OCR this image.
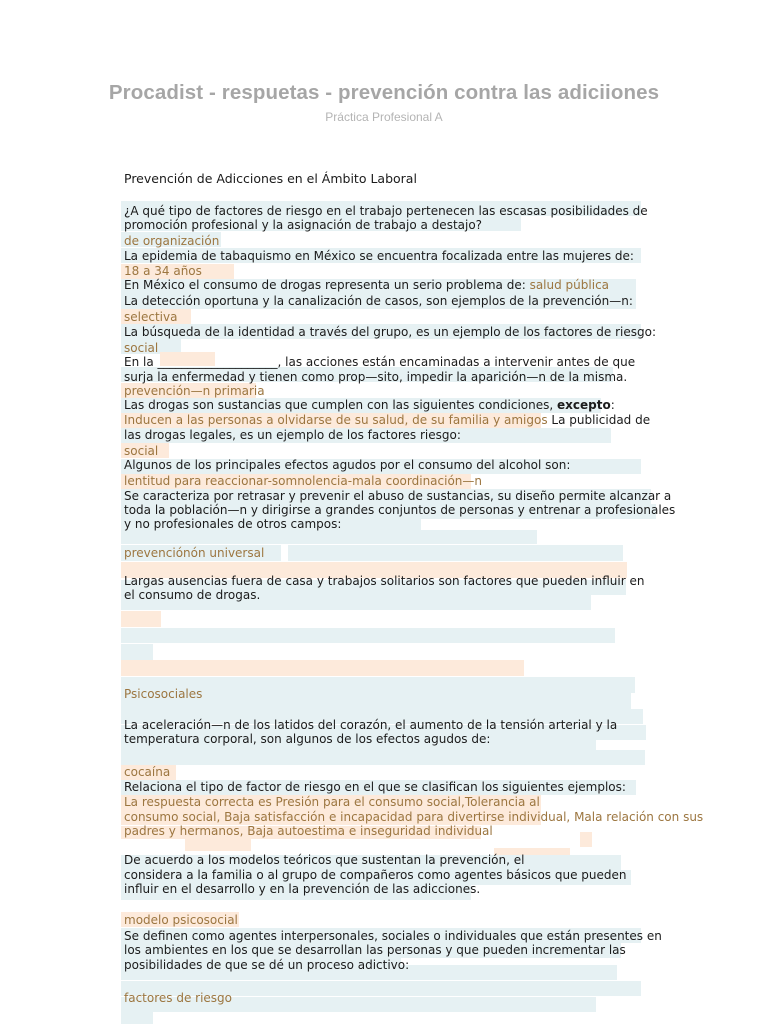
Procadist - respuetas - prevención contra las adiciiones
Práctica Profesional A
Prevención de Adicciones en el Ámbito Laboral
¿A qué tipo de factores de riesgo en el trabajo pertenecen las escasas posibilidades de
promoción profesional y la asignación de trabajo a destajo?
de organización
La epidemia de tabaquismo en México se encuentra focalizada entre las mujeres de:
18 a 34 años
En México el consumo de drogas representa un serio problema de: salud pública
La detección oportuna y la canalización de casos, son ejemplos de la prevención—n:
selectiva
La búsqueda de la identidad a través del grupo, es un ejemplo de los factores de riesgo:
social
En la ____________________, las acciones están encaminadas a intervenir antes de que
surja la enfermedad y tienen como prop—sito, impedir la aparición—n de la misma.
prevención—n primaria
Las drogas son sustancias que cumplen con las siguientes condiciones, excepto:
Inducen a las personas a olvidarse de su salud, de su familia y amigos La publicidad de
las drogas legales, es un ejemplo de los factores riesgo:
social
Algunos de los principales efectos agudos por el consumo del alcohol son:
lentitud para reaccionar-somnolencia-mala coordinación—n
Se caracteriza por retrasar y prevenir el abuso de sustancias, su diseño permite alcanzar a
toda la población—n y dirigirse a grandes conjuntos de personas y entrenar a profesionales
y no profesionales de otros campos:
prevenciónón universal
Largas ausencias fuera de casa y trabajos solitarios son factores que pueden influir en
el consumo de drogas.
Psicosociales
La aceleración—n de los latidos del corazón, el aumento de la tensión arterial y la
temperatura corporal, son algunos de los efectos agudos de:
cocaína
Relaciona el tipo de factor de riesgo en el que se clasifican los siguientes ejemplos:
La respuesta correcta es Presión para el consumo social,Tolerancia al
consumo social, Baja satisfacción e incapacidad para divertirse individual, Mala relación con sus
padres y hermanos, Baja autoestima e inseguridad individual
De acuerdo a los modelos teóricos que sustentan la prevención, el
considera a la familia o al grupo de compañeros como agentes básicos que pueden
influir en el desarrollo y en la prevención de las adicciones.
modelo psicosocial
Se definen como agentes interpersonales, sociales o individuales que están presentes en
los ambientes en los que se desarrollan las personas y que pueden incrementar las
posibilidades de que se dé un proceso adictivo:
factores de riesgo
